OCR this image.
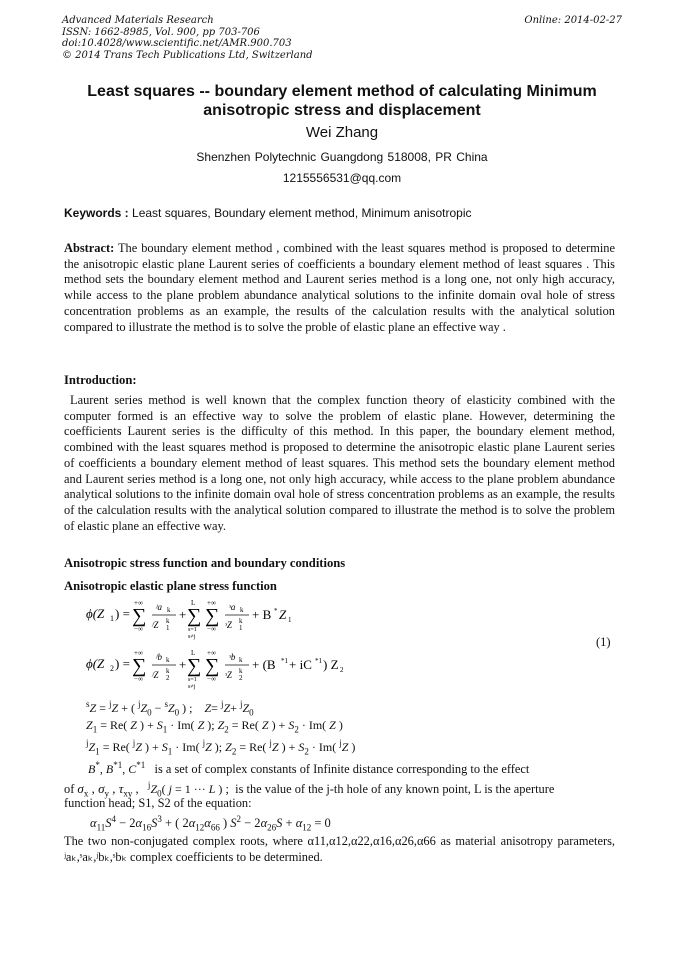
Advanced Materials Research
ISSN: 1662-8985, Vol. 900, pp 703-706
doi:10.4028/www.scientific.net/AMR.900.703
© 2014 Trans Tech Publications Ltd, Switzerland
Online: 2014-02-27
Least squares -- boundary element method of calculating Minimum
anisotropic stress and displacement
Wei Zhang
Shenzhen Polytechnic Guangdong 518008, PR China
1215556531@qq.com
Keywords : Least squares, Boundary element method, Minimum anisotropic
Abstract: The boundary element method , combined with the least squares method is proposed to determine the anisotropic elastic plane Laurent series of coefficients a boundary element method of least squares . This method sets the boundary element method and Laurent series method is a long one, not only high accuracy, while access to the plane problem abundance analytical solutions to the infinite domain oval hole of stress concentration problems as an example, the results of the calculation results with the analytical solution compared to illustrate the method is to solve the proble of elastic plane an effective way .
Introduction:
Laurent series method is well known that the complex function theory of elasticity combined with the computer formed is an effective way to solve the problem of elastic plane. However, determining the coefficients Laurent series is the difficulty of this method. In this paper, the boundary element method, combined with the least squares method is proposed to determine the anisotropic elastic plane Laurent series of coefficients a boundary element method of least squares. This method sets the boundary element method and Laurent series method is a long one, not only high accuracy, while access to the plane problem abundance analytical solutions to the infinite domain oval hole of stress concentration problems as an example, the results of the calculation results with the analytical solution compared to illustrate the method is to solve the problem of elastic plane an effective way.
Anisotropic stress function and boundary conditions
Anisotropic elastic plane stress function
ϕ(Z 1 ) =
+∞
∑
−∞
ʲa k
ʲZ k
1
+
L
∑
s=1
s≠j
+∞
∑
−∞
ˢa k
ˢZ k
1
+ B * Z 1
ϕ(Z 2 ) =
+∞
∑
−∞
ʲb k
ʲZ k
2
+
L
∑
s=1
s≠j
+∞
∑
−∞
ˢb k
ˢZ k
2
+ (B *1 + iC *1 ) Z 2
(1)
$^s$Z = $^j$Z + ( $^jZ_0 - ^sZ_0$ ) ;    $Z= ^jZ+ ^jZ_0$
$Z_1 = Re$( Z ) + $S_1 \cdot Im$( Z ); $Z_2 = Re$( Z ) + $S_2 \cdot Im$( Z )
$^jZ_1 = Re$( $^j$Z ) + $S_1 \cdot Im$( $^j$Z ); $Z_2 = Re$( $^j$Z ) + $S_2 \cdot Im$( $^j$Z )
B*, $B^{*1}$, $C^{*1}$   is a set of complex constants of Infinite distance corresponding to the effect
of $\sigma_x$ , $\sigma_y$ , $\tau_{xy}$ ,   $^jZ_0$( j = 1 ··· L ) ;  is the value of the j-th hole of any known point, L is the aperture
function head; S1, S2 of the equation:
$\alpha_{11}S^4 - 2\alpha_{16}S^3$ + ( $2\alpha_{12}\alpha_{66}$ ) $S^2 - 2\alpha_{26}S + \alpha_{12} = 0$
The two non-conjugated complex roots, where α11,α12,α22,α16,α26,α66 as material anisotropy parameters, ʲaₖ,ˢaₖ,ʲbₖ,ˢbₖ complex coefficients to be determined.
